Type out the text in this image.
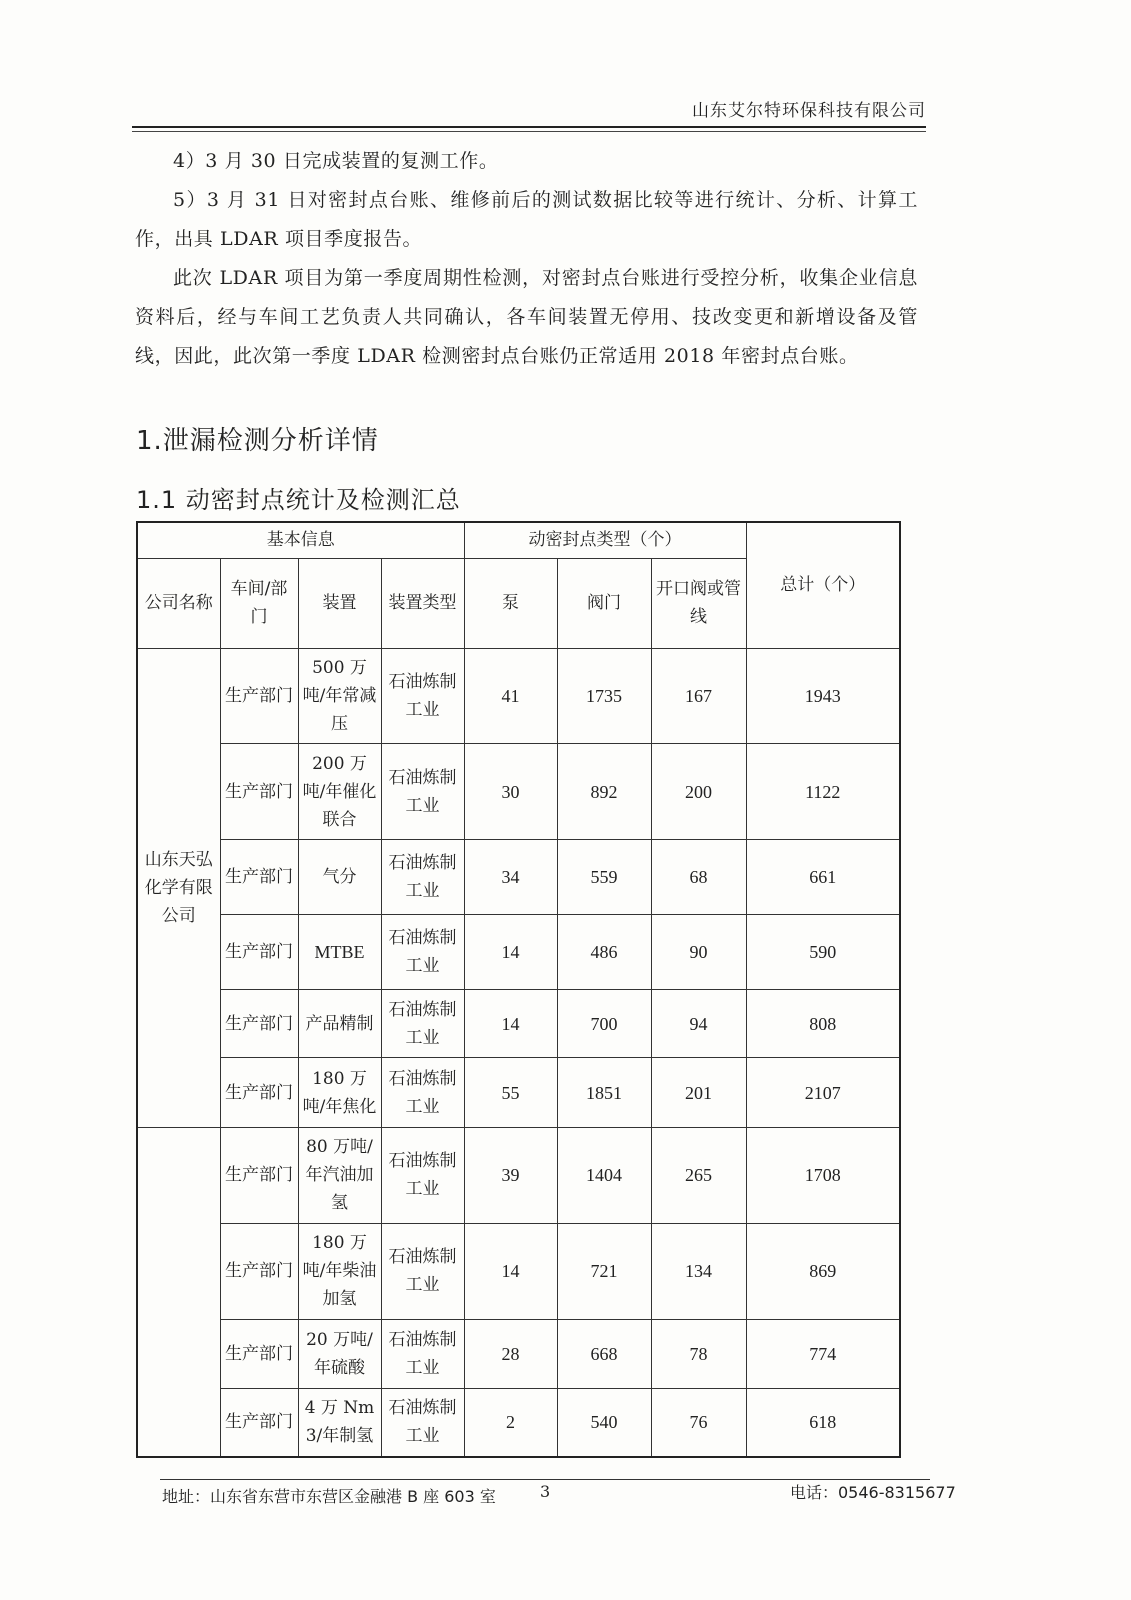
山东艾尔特环保科技有限公司
4）3 月 30 日完成装置的复测工作。
5）3 月 31 日对密封点台账、维修前后的测试数据比较等进行统计、分析、计算工作，出具 LDAR 项目季度报告。
此次 LDAR 项目为第一季度周期性检测，对密封点台账进行受控分析，收集企业信息资料后，经与车间工艺负责人共同确认，各车间装置无停用、技改变更和新增设备及管线，因此，此次第一季度 LDAR 检测密封点台账仍正常适用 2018 年密封点台账。
1.泄漏检测分析详情
1.1 动密封点统计及检测汇总
基本信息				动密封点类型（个）			总计（个）
公司名称	车间/部门	装置	装置类型	泵	阀门	开口阀或管线	
山东天弘化学有限公司	生产部门	500 万吨/年常减压	石油炼制工业	41	1735	167	1943
	生产部门	200 万吨/年催化联合	石油炼制工业	30	892	200	1122
	生产部门	气分	石油炼制工业	34	559	68	661
	生产部门	MTBE	石油炼制工业	14	486	90	590
	生产部门	产品精制	石油炼制工业	14	700	94	808
	生产部门	180 万吨/年焦化	石油炼制工业	55	1851	201	2107
	生产部门	80 万吨/年汽油加氢	石油炼制工业	39	1404	265	1708
	生产部门	180 万吨/年柴油加氢	石油炼制工业	14	721	134	869
	生产部门	20 万吨/年硫酸	石油炼制工业	28	668	78	774
	生产部门	4 万 Nm3/年制氢	石油炼制工业	2	540	76	618
地址：山东省东营市东营区金融港 B 座 603 室	3	电话：0546-8315677
